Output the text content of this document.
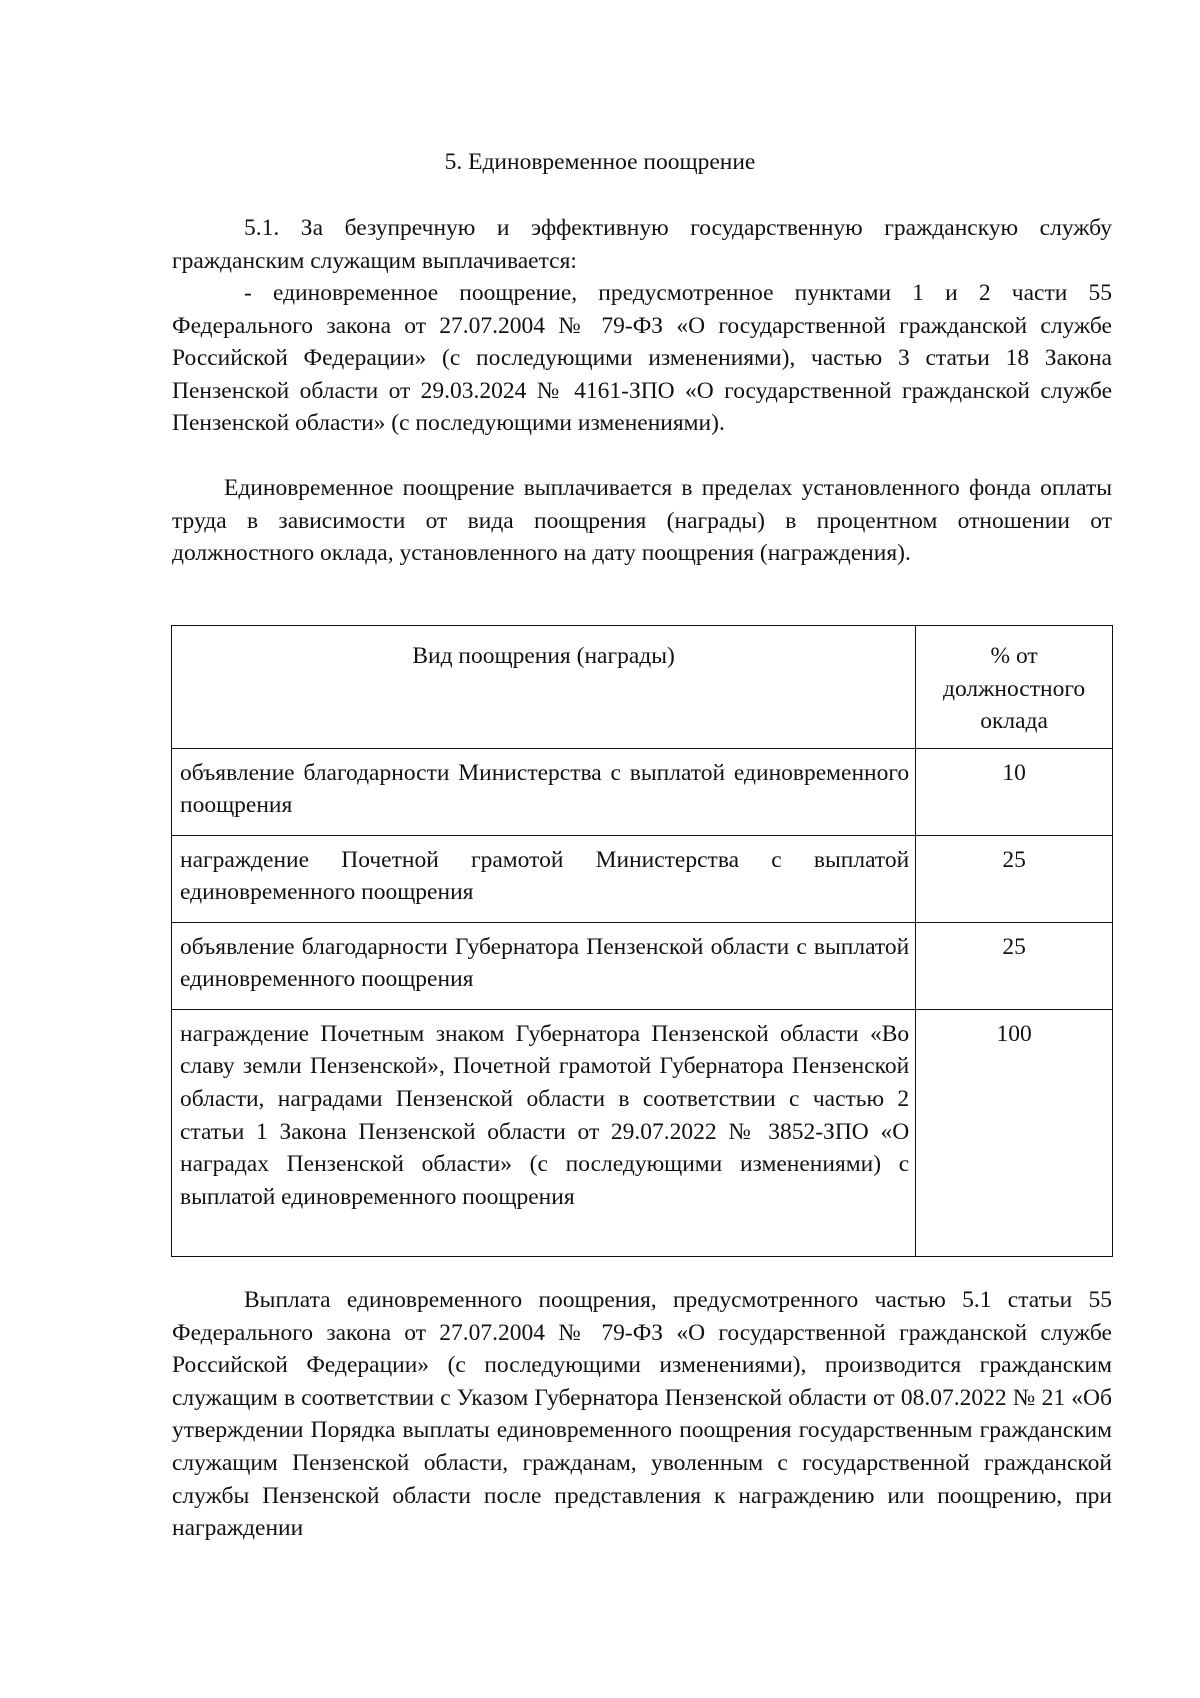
5. Единовременное поощрение

5.1. За безупречную и эффективную государственную гражданскую службу гражданским служащим выплачивается:

- единовременное поощрение, предусмотренное пунктами 1 и 2 части 55 Федерального закона от 27.07.2004 № 79-ФЗ «О государственной гражданской службе Российской Федерации» (с последующими изменениями), частью 3 статьи 18 Закона Пензенской области от 29.03.2024 № 4161-ЗПО «О государственной гражданской службе Пензенской области» (с последующими изменениями).

Единовременное поощрение выплачивается в пределах установленного фонда оплаты труда в зависимости от вида поощрения (награды) в процентном отношении от должностного оклада, установленного на дату поощрения (награждения).

Вид поощрения (награды)	% от должностного оклада

объявление благодарности Министерства с выплатой единовременного поощрения	10

награждение Почетной грамотой Министерства с выплатой единовременного поощрения	25

объявление благодарности Губернатора Пензенской области с выплатой единовременного поощрения	25

награждение Почетным знаком Губернатора Пензенской области «Во славу земли Пензенской», Почетной грамотой Губернатора Пензенской области, наградами Пензенской области в соответствии с частью 2 статьи 1 Закона Пензенской области от 29.07.2022 № 3852-ЗПО «О наградах Пензенской области» (с последующими изменениями) с выплатой единовременного поощрения	100

Выплата единовременного поощрения, предусмотренного частью 5.1 статьи 55 Федерального закона от 27.07.2004 № 79-ФЗ «О государственной гражданской службе Российской Федерации» (с последующими изменениями), производится гражданским служащим в соответствии с Указом Губернатора Пензенской области от 08.07.2022 № 21 «Об утверждении Порядка выплаты единовременного поощрения государственным гражданским служащим Пензенской области, гражданам, уволенным с государственной гражданской службы Пензенской области после представления к награждению или поощрению, при награждении
